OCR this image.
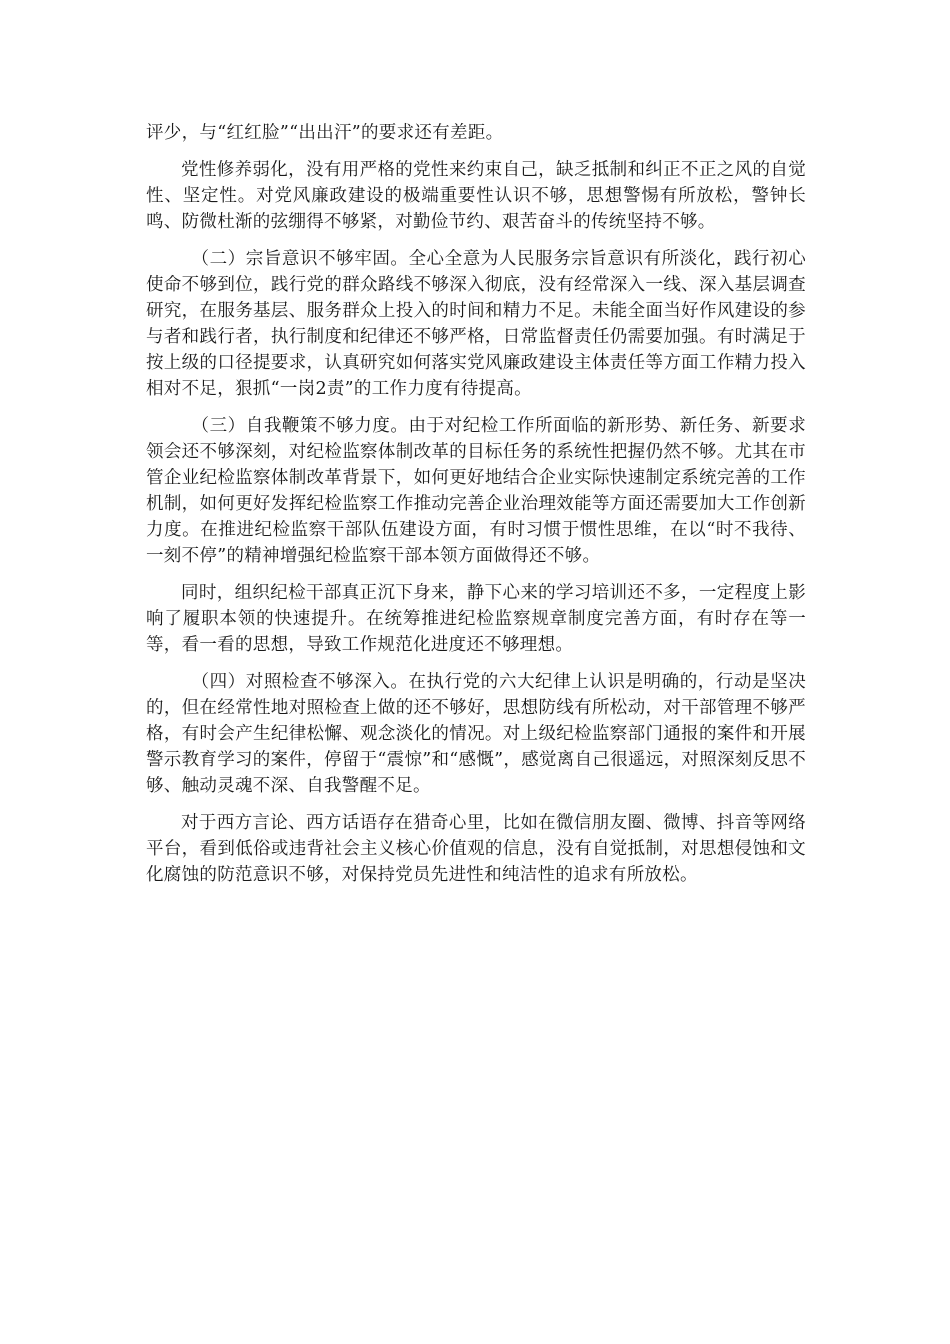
评少，与“红红脸”“出出汗”的要求还有差距。

党性修养弱化，没有用严格的党性来约束自己，缺乏抵制和纠正不正之风的自觉性、坚定性。对党风廉政建设的极端重要性认识不够，思想警惕有所放松，警钟长鸣、防微杜渐的弦绷得不够紧，对勤俭节约、艰苦奋斗的传统坚持不够。

（二）宗旨意识不够牢固。全心全意为人民服务宗旨意识有所淡化，践行初心使命不够到位，践行党的群众路线不够深入彻底，没有经常深入一线、深入基层调查研究，在服务基层、服务群众上投入的时间和精力不足。未能全面当好作风建设的参与者和践行者，执行制度和纪律还不够严格，日常监督责任仍需要加强。有时满足于按上级的口径提要求，认真研究如何落实党风廉政建设主体责任等方面工作精力投入相对不足，狠抓“一岗2责”的工作力度有待提高。

（三）自我鞭策不够力度。由于对纪检工作所面临的新形势、新任务、新要求领会还不够深刻，对纪检监察体制改革的目标任务的系统性把握仍然不够。尤其在市管企业纪检监察体制改革背景下，如何更好地结合企业实际快速制定系统完善的工作机制，如何更好发挥纪检监察工作推动完善企业治理效能等方面还需要加大工作创新力度。在推进纪检监察干部队伍建设方面，有时习惯于惯性思维，在以“时不我待、一刻不停”的精神增强纪检监察干部本领方面做得还不够。

同时，组织纪检干部真正沉下身来，静下心来的学习培训还不多，一定程度上影响了履职本领的快速提升。在统筹推进纪检监察规章制度完善方面，有时存在等一等，看一看的思想，导致工作规范化进度还不够理想。

（四）对照检查不够深入。在执行党的六大纪律上认识是明确的，行动是坚决的，但在经常性地对照检查上做的还不够好，思想防线有所松动，对干部管理不够严格，有时会产生纪律松懈、观念淡化的情况。对上级纪检监察部门通报的案件和开展警示教育学习的案件，停留于“震惊”和“感慨”，感觉离自己很遥远，对照深刻反思不够、触动灵魂不深、自我警醒不足。

对于西方言论、西方话语存在猎奇心里，比如在微信朋友圈、微博、抖音等网络平台，看到低俗或违背社会主义核心价值观的信息，没有自觉抵制，对思想侵蚀和文化腐蚀的防范意识不够，对保持党员先进性和纯洁性的追求有所放松。
